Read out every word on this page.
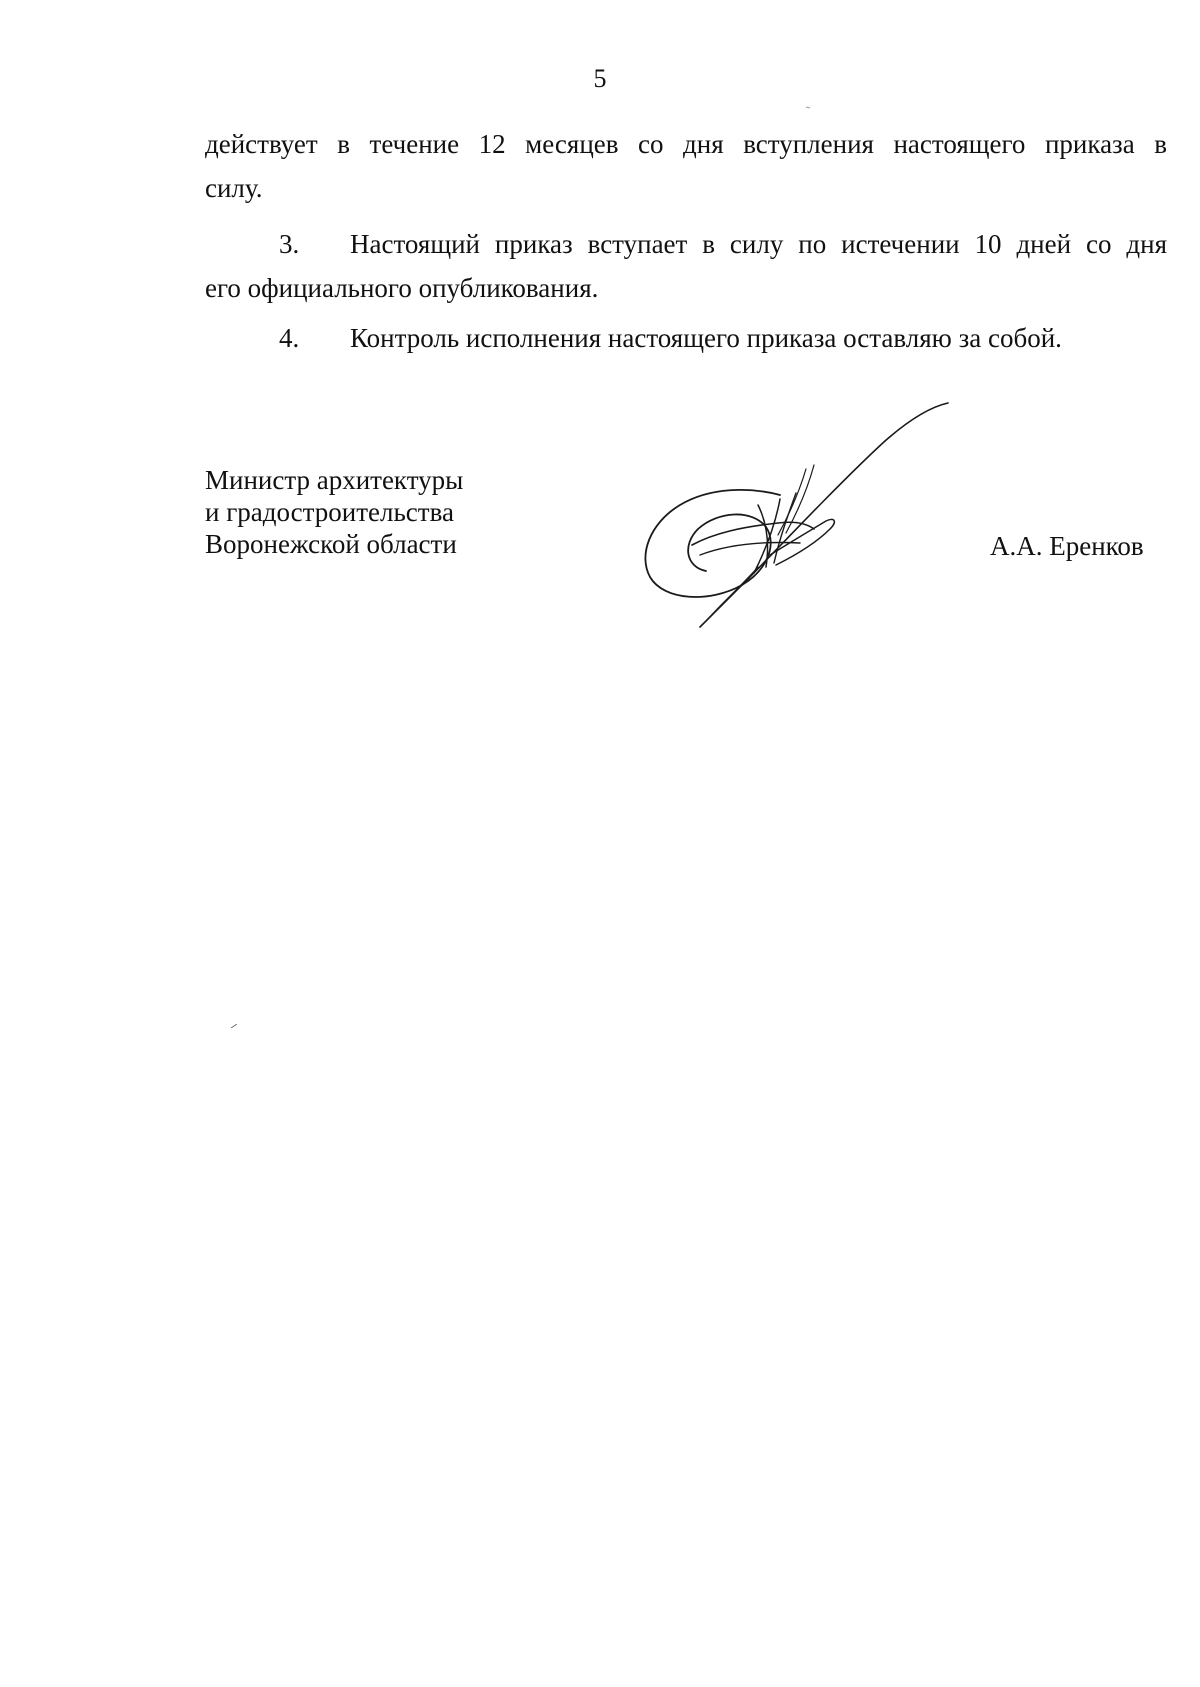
5

действует в течение 12 месяцев со дня вступления настоящего приказа в

силу.

3.	Настоящий приказ вступает в силу по истечении 10 дней со дня
его официального опубликования.
4.	Контроль исполнения настоящего приказа оставляю за собой.
Министр архитектуры
и градостроительства
Воронежской области	А.А. Еренков
